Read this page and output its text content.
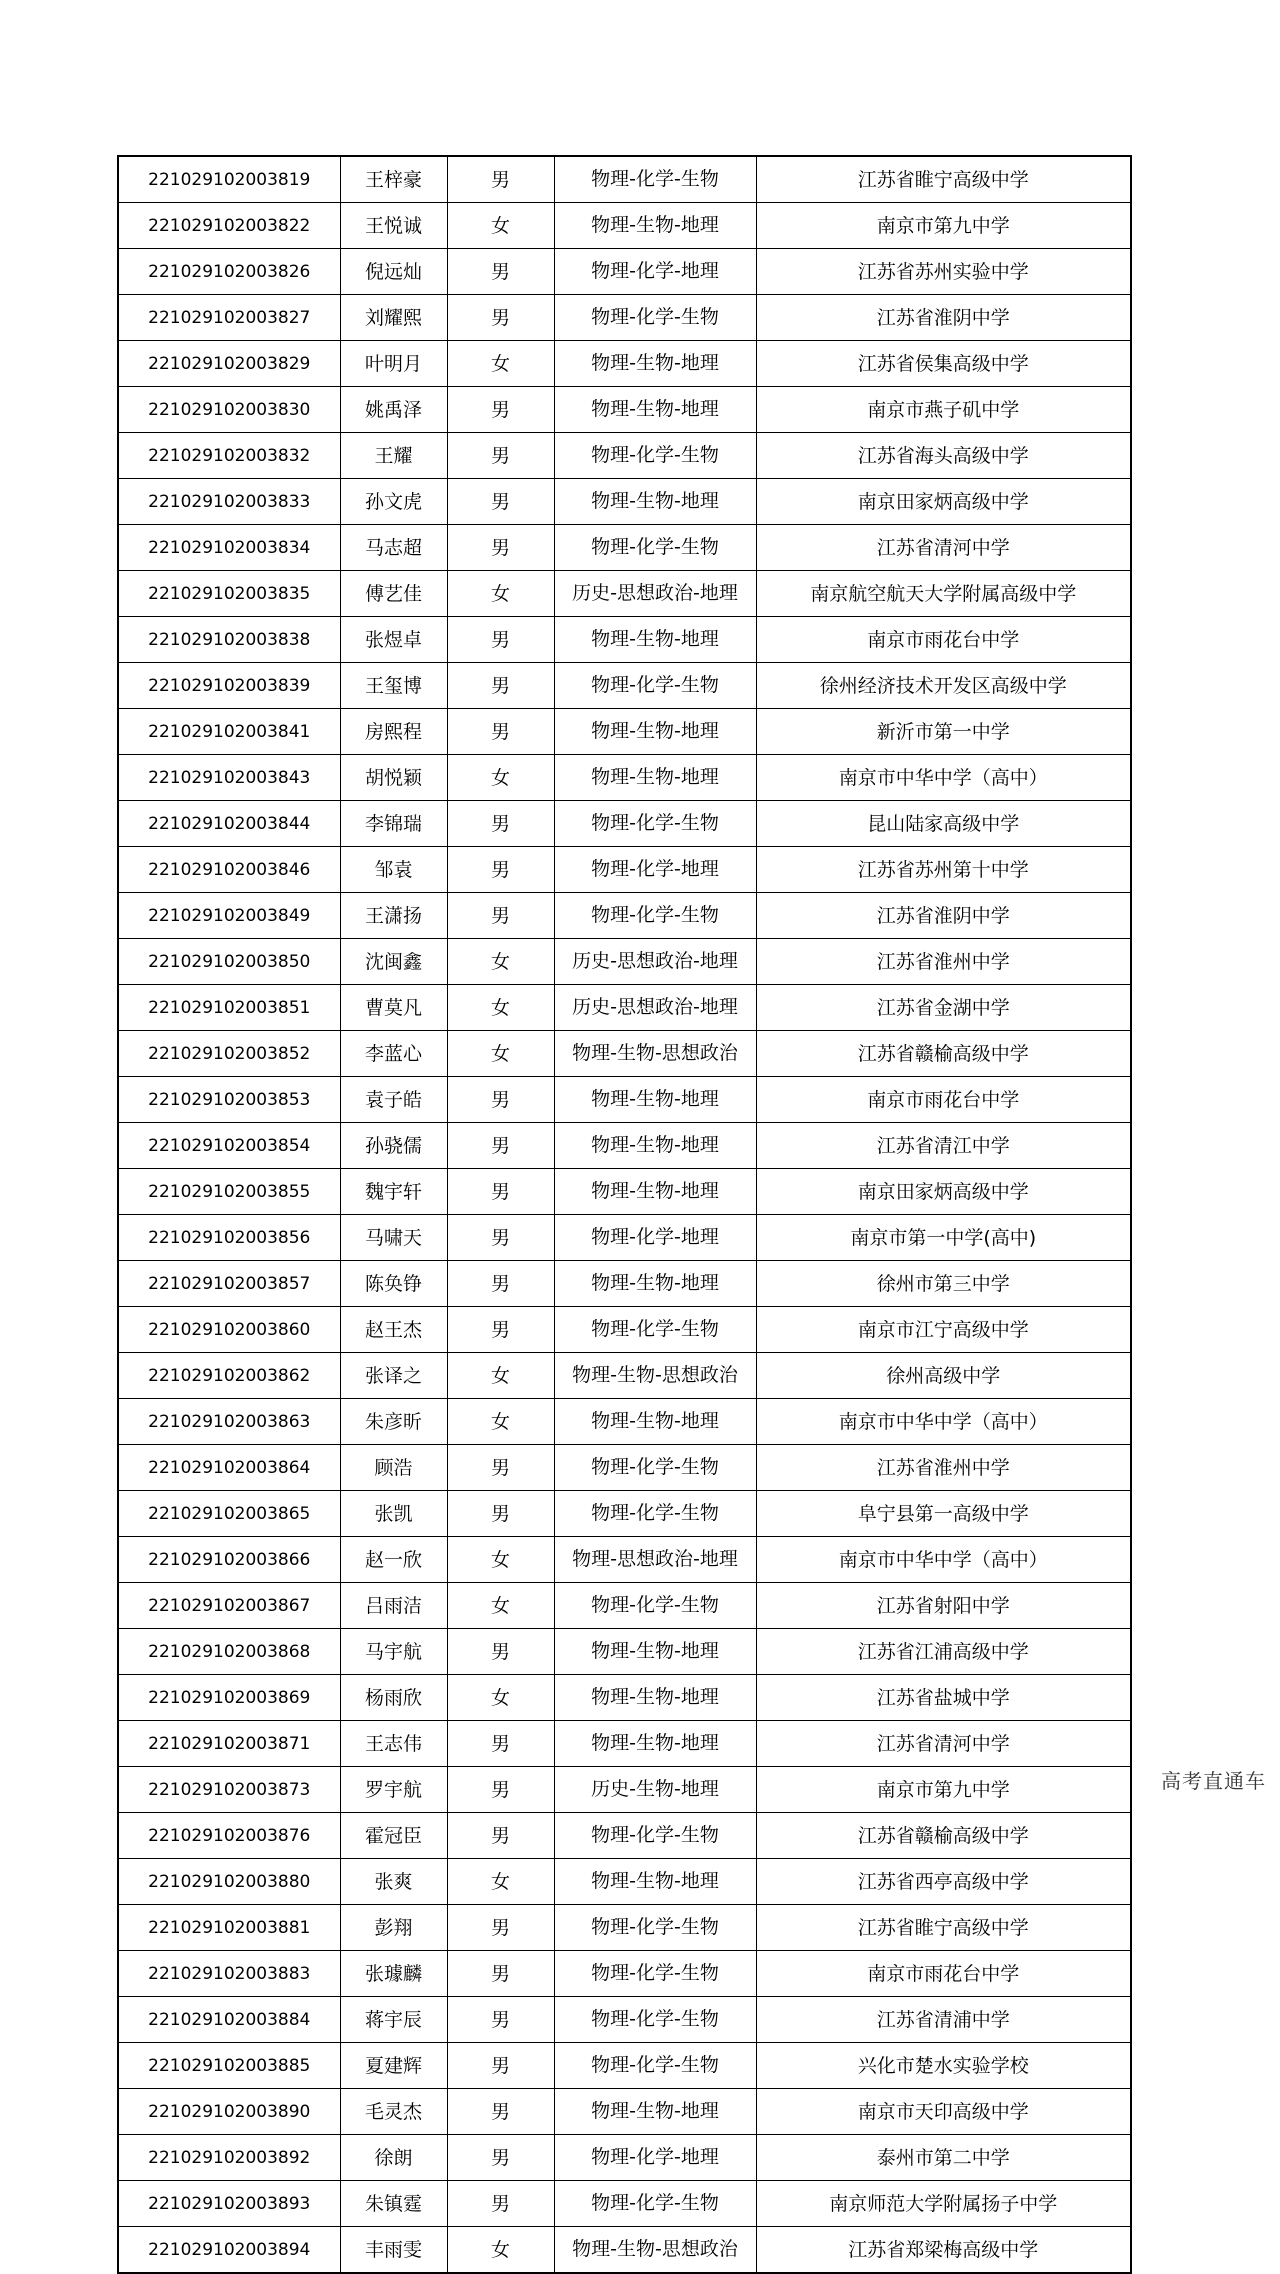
221029102003819	王梓豪	男	物理-化学-生物	江苏省睢宁高级中学
221029102003822	王悦诚	女	物理-生物-地理	南京市第九中学
221029102003826	倪远灿	男	物理-化学-地理	江苏省苏州实验中学
221029102003827	刘耀熙	男	物理-化学-生物	江苏省淮阴中学
221029102003829	叶明月	女	物理-生物-地理	江苏省侯集高级中学
221029102003830	姚禹泽	男	物理-生物-地理	南京市燕子矶中学
221029102003832	王耀	男	物理-化学-生物	江苏省海头高级中学
221029102003833	孙文虎	男	物理-生物-地理	南京田家炳高级中学
221029102003834	马志超	男	物理-化学-生物	江苏省清河中学
221029102003835	傅艺佳	女	历史-思想政治-地理	南京航空航天大学附属高级中学
221029102003838	张煜卓	男	物理-生物-地理	南京市雨花台中学
221029102003839	王玺博	男	物理-化学-生物	徐州经济技术开发区高级中学
221029102003841	房熙程	男	物理-生物-地理	新沂市第一中学
221029102003843	胡悦颖	女	物理-生物-地理	南京市中华中学（高中）
221029102003844	李锦瑞	男	物理-化学-生物	昆山陆家高级中学
221029102003846	邹袁	男	物理-化学-地理	江苏省苏州第十中学
221029102003849	王潇扬	男	物理-化学-生物	江苏省淮阴中学
221029102003850	沈闽鑫	女	历史-思想政治-地理	江苏省淮州中学
221029102003851	曹莫凡	女	历史-思想政治-地理	江苏省金湖中学
221029102003852	李蓝心	女	物理-生物-思想政治	江苏省赣榆高级中学
221029102003853	袁子皓	男	物理-生物-地理	南京市雨花台中学
221029102003854	孙骁儒	男	物理-生物-地理	江苏省清江中学
221029102003855	魏宇轩	男	物理-生物-地理	南京田家炳高级中学
221029102003856	马啸天	男	物理-化学-地理	南京市第一中学(高中)
221029102003857	陈奂铮	男	物理-生物-地理	徐州市第三中学
221029102003860	赵王杰	男	物理-化学-生物	南京市江宁高级中学
221029102003862	张译之	女	物理-生物-思想政治	徐州高级中学
221029102003863	朱彦昕	女	物理-生物-地理	南京市中华中学（高中）
221029102003864	顾浩	男	物理-化学-生物	江苏省淮州中学
221029102003865	张凯	男	物理-化学-生物	阜宁县第一高级中学
221029102003866	赵一欣	女	物理-思想政治-地理	南京市中华中学（高中）
221029102003867	吕雨洁	女	物理-化学-生物	江苏省射阳中学
221029102003868	马宇航	男	物理-生物-地理	江苏省江浦高级中学
221029102003869	杨雨欣	女	物理-生物-地理	江苏省盐城中学
221029102003871	王志伟	男	物理-生物-地理	江苏省清河中学
221029102003873	罗宇航	男	历史-生物-地理	南京市第九中学
221029102003876	霍冠臣	男	物理-化学-生物	江苏省赣榆高级中学
221029102003880	张爽	女	物理-生物-地理	江苏省西亭高级中学
221029102003881	彭翔	男	物理-化学-生物	江苏省睢宁高级中学
221029102003883	张璩麟	男	物理-化学-生物	南京市雨花台中学
221029102003884	蒋宇辰	男	物理-化学-生物	江苏省清浦中学
221029102003885	夏建辉	男	物理-化学-生物	兴化市楚水实验学校
221029102003890	毛灵杰	男	物理-生物-地理	南京市天印高级中学
221029102003892	徐朗	男	物理-化学-地理	泰州市第二中学
221029102003893	朱镇霆	男	物理-化学-生物	南京师范大学附属扬子中学
221029102003894	丰雨雯	女	物理-生物-思想政治	江苏省郑梁梅高级中学
高考直通车
